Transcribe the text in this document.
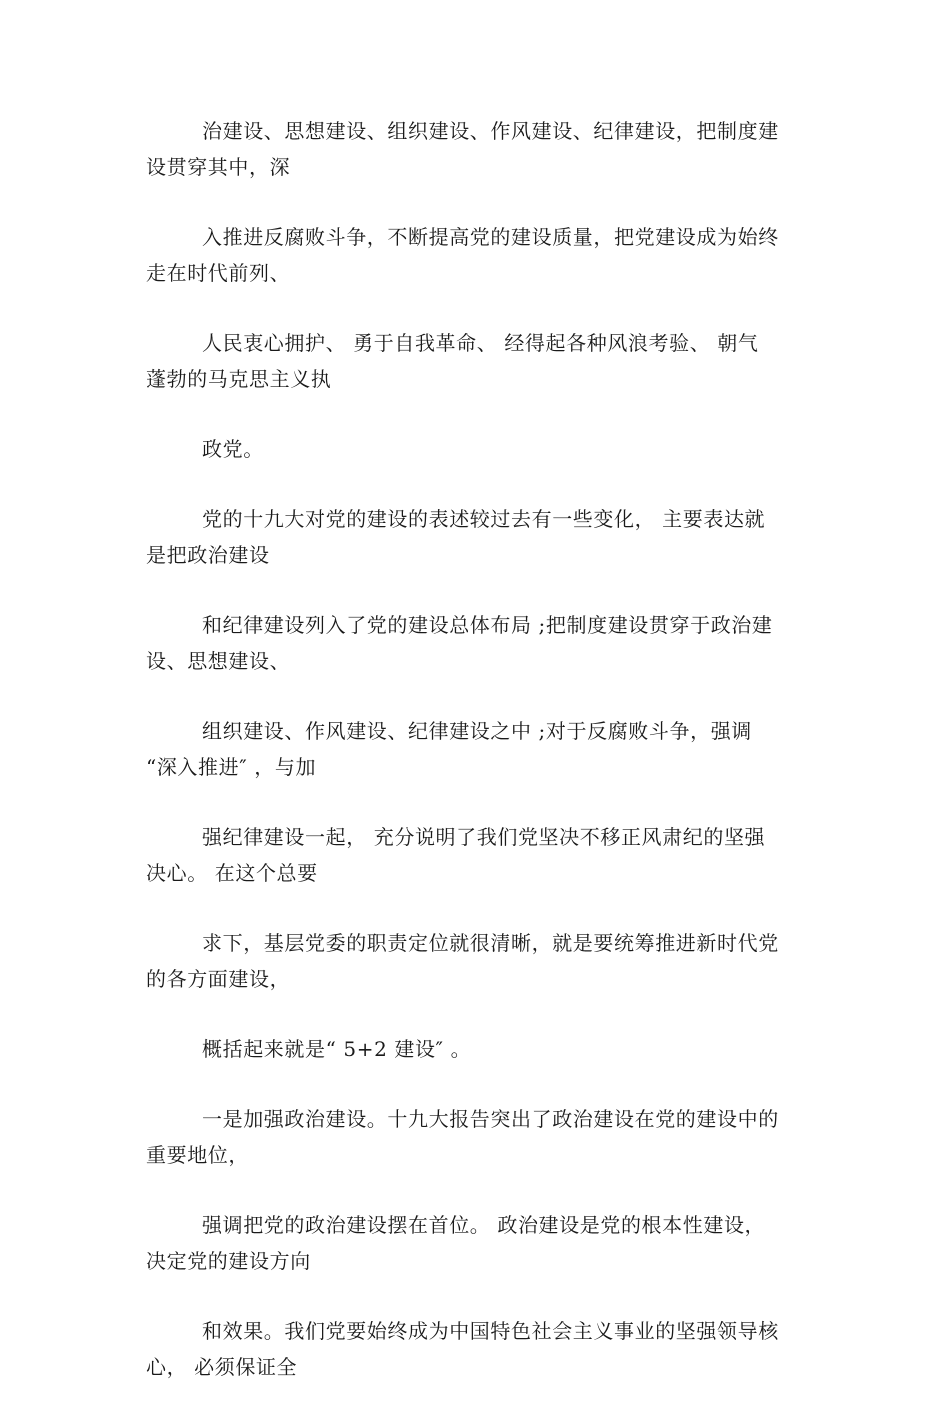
治建设、思想建设、组织建设、作风建设、纪律建设，把制度建
设贯穿其中，深

入推进反腐败斗争，不断提高党的建设质量，把党建设成为始终
走在时代前列、

人民衷心拥护、 勇于自我革命、 经得起各种风浪考验、 朝气
蓬勃的马克思主义执

政党。

党的十九大对党的建设的表述较过去有一些变化， 主要表达就
是把政治建设

和纪律建设列入了党的建设总体布局 ;把制度建设贯穿于政治建
设、思想建设、

组织建设、作风建设、纪律建设之中 ;对于反腐败斗争，强调
“深入推进″ ，与加

强纪律建设一起， 充分说明了我们党坚决不移正风肃纪的坚强
决心。 在这个总要

求下，基层党委的职责定位就很清晰，就是要统筹推进新时代党
的各方面建设，

概括起来就是“ 5+2 建设″ 。

一是加强政治建设。十九大报告突出了政治建设在党的建设中的
重要地位，

强调把党的政治建设摆在首位。 政治建设是党的根本性建设，
决定党的建设方向

和效果。我们党要始终成为中国特色社会主义事业的坚强领导核
心， 必须保证全
